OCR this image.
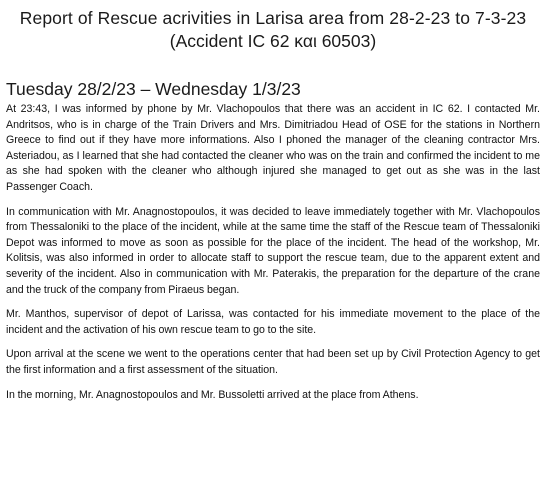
Report of Rescue acrivities in Larisa area from 28-2-23 to 7-3-23
(Accident IC 62 και 60503)
Tuesday 28/2/23 – Wednesday 1/3/23

At 23:43, I was informed by phone by Mr. Vlachopoulos that there was an accident in IC 62. I contacted Mr. Andritsos, who is in charge of the Train Drivers and Mrs. Dimitriadou Head of OSE for the stations in Northern Greece to find out if they have more informations. Also I phoned the manager of the cleaning contractor Mrs. Asteriadou, as I learned that she had contacted the cleaner who was on the train and confirmed the incident to me as she had spoken with the cleaner who although injured she managed to get out as she was in the last Passenger Coach.

In communication with Mr. Anagnostopoulos, it was decided to leave immediately together with Mr. Vlachopoulos from Thessaloniki to the place of the incident, while at the same time the staff of the Rescue team of Thessaloniki Depot was informed to move as soon as possible for the place of the incident. The head of the workshop, Mr. Kolitsis, was also informed in order to allocate staff to support the rescue team, due to the apparent extent and severity of the incident. Also in communication with Mr. Paterakis, the preparation for the departure of the crane and the truck of the company from Piraeus began.

Mr. Manthos, supervisor of depot of Larissa, was contacted for his immediate movement to the place of the incident and the activation of his own rescue team to go to the site.

Upon arrival at the scene we went to the operations center that had been set up by Civil Protection Agency to get the first information and a first assessment of the situation.

In the morning, Mr. Anagnostopoulos and Mr. Bussoletti arrived at the place from Athens.
